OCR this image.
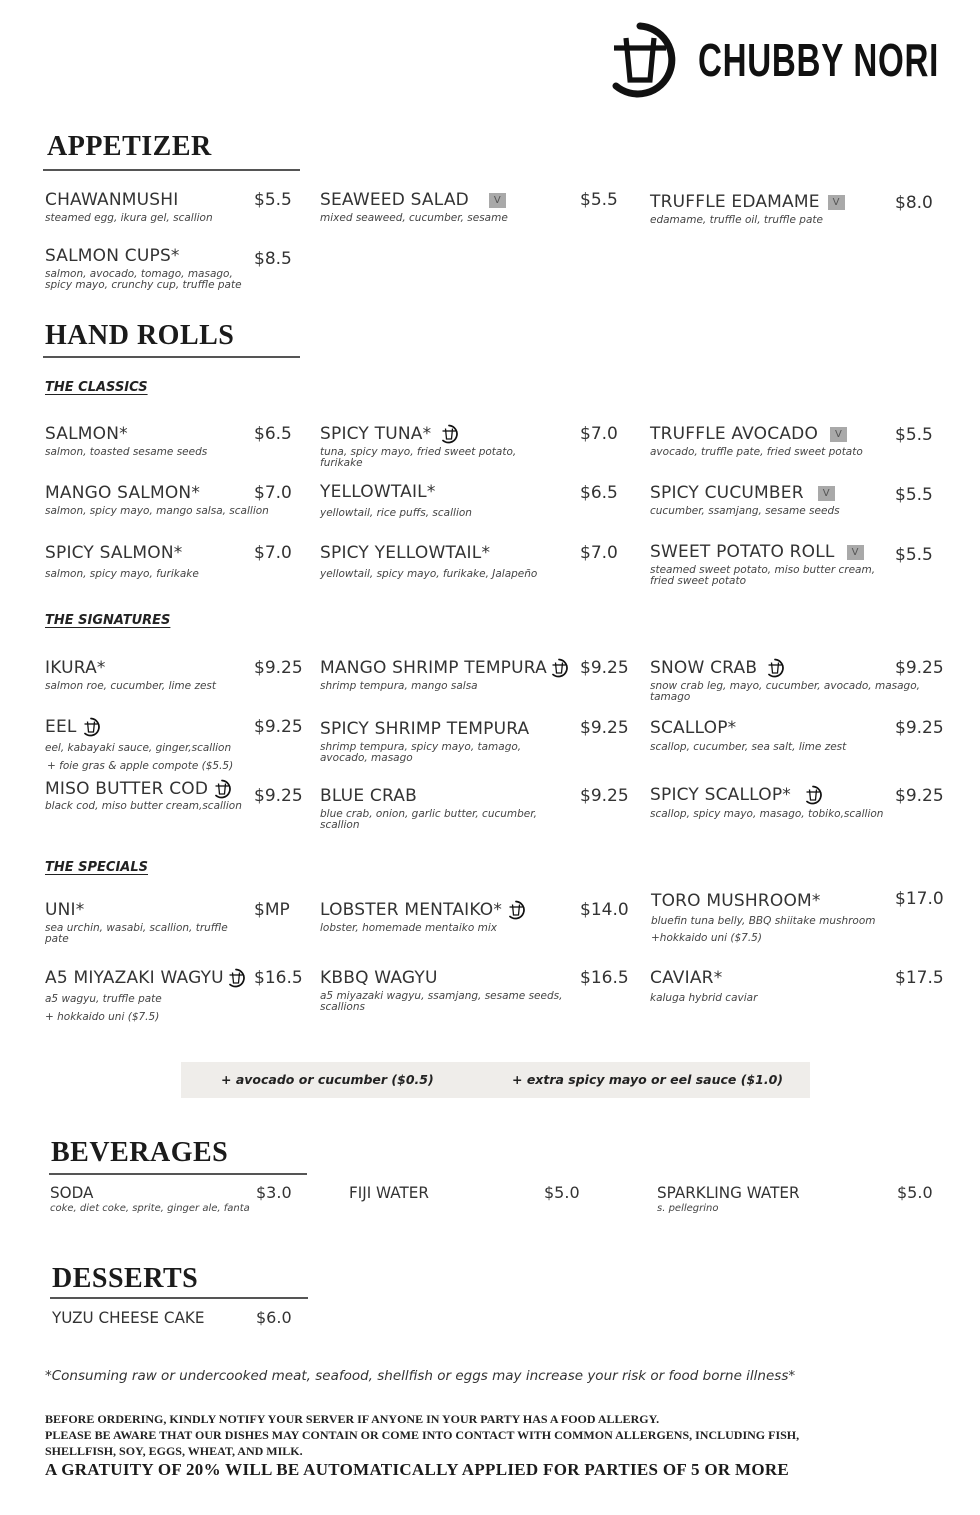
CHUBBY NORI
APPETIZER
CHAWANMUSHI
steamed egg, ikura gel, scallion
$5.5 SEAWEED SALAD	V
mixed seaweed, cucumber, sesame
$5.5 TRUFFLE EDAMAME	V
edamame, truffle oil, truffle pate
$8.0
SALMON CUPS*
salmon, avocado, tomago, masago, spicy mayo, crunchy cup, truffle pate
$8.5
HAND ROLLS
THE CLASSICS
SALMON*
salmon, toasted sesame seeds
$6.5 SPICY TUNA*
tuna, spicy mayo, fried sweet potato, furikake
$7.0 TRUFFLE AVOCADO	V
avocado, truffle pate, fried sweet potato
$5.5
MANGO SALMON*
salmon, spicy mayo, mango salsa, scallion
$7.0 YELLOWTAIL*
yellowtail, rice puffs, scallion
$6.5 SPICY CUCUMBER	V
cucumber, ssamjang, sesame seeds
$5.5
SPICY SALMON*
salmon, spicy mayo, furikake
$7.0 SPICY YELLOWTAIL*
yellowtail, spicy mayo, furikake, Jalapeño
$7.0 SWEET POTATO ROLL	V
steamed sweet potato, miso butter cream, fried sweet potato
$5.5
THE SIGNATURES
IKURA*
salmon roe, cucumber, lime zest
$9.25 MANGO SHRIMP TEMPURA
shrimp tempura, mango salsa
$9.25 SNOW CRAB
snow crab leg, mayo, cucumber, avocado, masago, tamago
$9.25
EEL
eel, kabayaki sauce, ginger,scallion
+ foie gras & apple compote ($5.5)
$9.25 SPICY SHRIMP TEMPURA
shrimp tempura, spicy mayo, tamago, avocado, masago
$9.25 SCALLOP*
scallop, cucumber, sea salt, lime zest
$9.25
MISO BUTTER COD
black cod, miso butter cream,scallion $9.25 BLUE CRAB
blue crab, onion, garlic butter, cucumber, scallion
$9.25 SPICY SCALLOP*
scallop, spicy mayo, masago, tobiko,scallion
$9.25
THE SPECIALS
UNI*
sea urchin, wasabi, scallion, truffle pate
$MP LOBSTER MENTAIKO*
lobster, homemade mentaiko mix
$14.0 TORO MUSHROOM*
bluefin tuna belly, BBQ shiitake mushroom
+hokkaido uni ($7.5)
$17.0
A5 MIYAZAKI WAGYU
a5 wagyu, truffle pate
+ hokkaido uni ($7.5)
$16.5 KBBQ WAGYU
a5 miyazaki wagyu, ssamjang, sesame seeds, scallions
$16.5 CAVIAR*
kaluga hybrid caviar
$17.5
+ avocado or cucumber ($0.5)	+ extra spicy mayo or eel sauce ($1.0)
BEVERAGES
SODA
coke, diet coke, sprite, ginger ale, fanta
$3.0	FIJI WATER	$5.0	SPARKLING WATER
s. pellegrino
$5.0
DESSERTS
YUZU CHEESE CAKE	$6.0
*Consuming raw or undercooked meat, seafood, shellfish or eggs may increase your risk or food borne illness*
BEFORE ORDERING, KINDLY NOTIFY YOUR SERVER IF ANYONE IN YOUR PARTY HAS A FOOD ALLERGY.
PLEASE BE AWARE THAT OUR DISHES MAY CONTAIN OR COME INTO CONTACT WITH COMMON ALLERGENS, INCLUDING FISH,
SHELLFISH, SOY, EGGS, WHEAT, AND MILK.
A GRATUITY OF 20% WILL BE AUTOMATICALLY APPLIED FOR PARTIES OF 5 OR MORE
